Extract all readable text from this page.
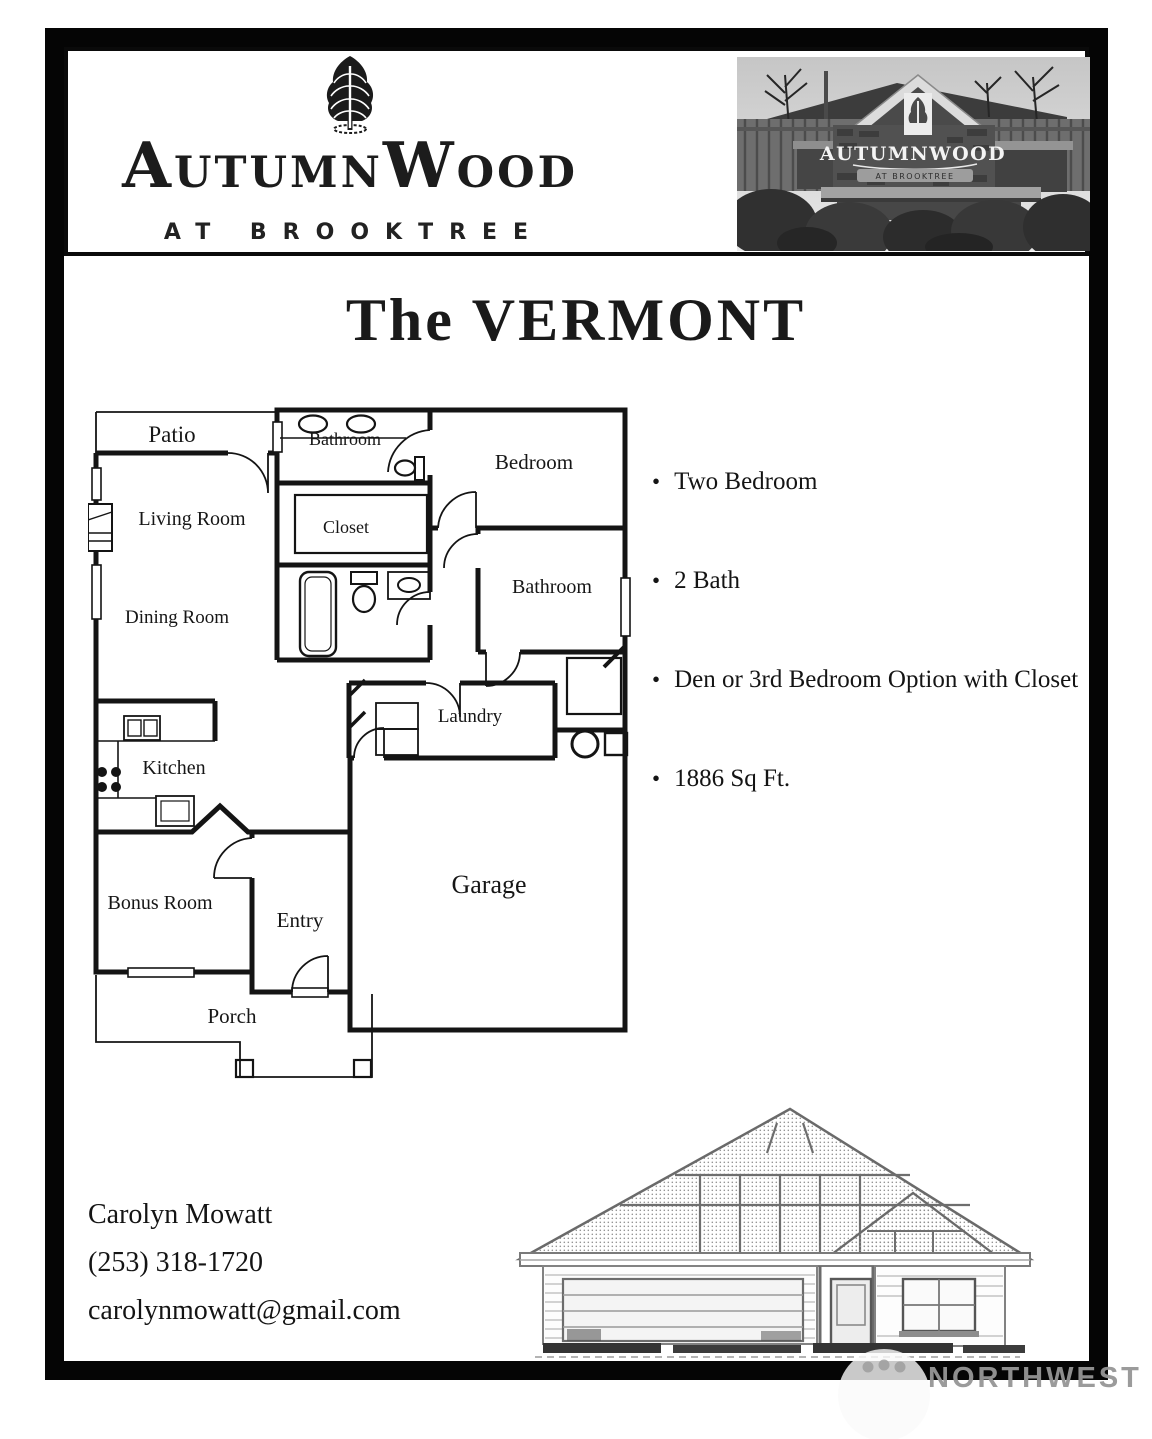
AUTUMNWOOD
AT BROOKTREE
AUTUMNWOOD
AT BROOKTREE
The VERMONT
Patio	Bathroom
Bedroom
Living Room	Closet
Bathroom
Dining Room
Laundry
Kitchen
Garage
Bonus Room
Entry
Porch
• Two Bedroom
• 2 Bath
• Den or 3rd Bedroom Option with Closet
• 1886 Sq Ft.
Carolyn Mowatt
(253) 318-1720
carolynmowatt@gmail.com
NORTHWEST
